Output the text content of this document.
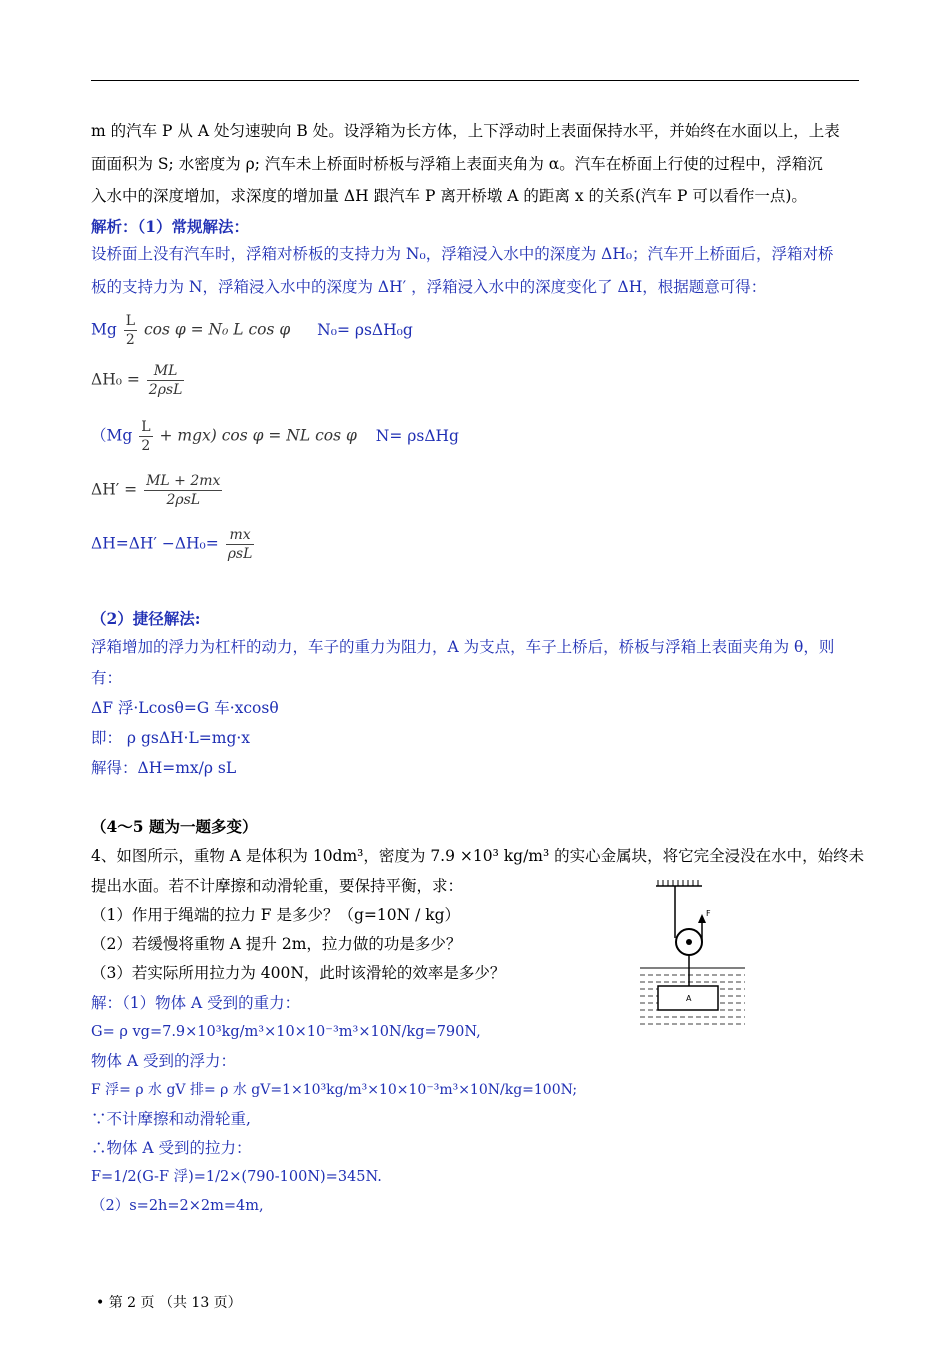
m 的汽车 P 从 A 处匀速驶向 B 处。设浮箱为长方体，上下浮动时上表面保持水平，并始终在水面以上，上表
面面积为 S; 水密度为 ρ; 汽车未上桥面时桥板与浮箱上表面夹角为 α。汽车在桥面上行使的过程中，浮箱沉
入水中的深度增加，求深度的增加量 ΔH 跟汽车 P 离开桥墩 A 的距离 x 的关系(汽车 P 可以看作一点)。
解析：（1）常规解法：
设桥面上没有汽车时，浮箱对桥板的支持力为 N₀，浮箱浸入水中的深度为 ΔH₀；汽车开上桥面后，浮箱对桥
板的支持力为 N，浮箱浸入水中的深度为 ΔH′ ，浮箱浸入水中的深度变化了 ΔH，根据题意可得：
Mg $\frac{L}{2}$ cos φ = N₀ L cos φ N₀= ρsΔH₀g
$\Delta H_0 = \frac{ML}{\text{2ρsL}}$
$(Mg \frac{L}{2} + mgx)$ cos φ = NL cos φ N= ρsΔHg
$\Delta H' = \frac{ML + 2mx}{\text{2ρsL}}$
$\Delta H=\Delta H' -\Delta H_0= \frac{mx}{\text{ρsL}}$
（2）捷径解法:
浮箱增加的浮力为杠杆的动力，车子的重力为阻力，A 为支点，车子上桥后，桥板与浮箱上表面夹角为 θ，则
有：
ΔF 浮·Lcosθ=G 车·xcosθ
即： ρ gsΔH·L=mg·x
解得：ΔH=mx/ρ sL
（4～5 题为一题多变）
4、如图所示，重物 A 是体积为 10dm³，密度为 7.9 ×10³ kg/m³ 的实心金属块，将它完全浸没在水中，始终未
提出水面。若不计摩擦和动滑轮重，要保持平衡，求：
（1）作用于绳端的拉力 F 是多少？（g=10N / kg）
（2）若缓慢将重物 A 提升 2m，拉力做的功是多少？
（3）若实际所用拉力为 400N，此时该滑轮的效率是多少？
F
A
解：（1）物体 A 受到的重力：
G= ρ vg=7.9×10³kg/m³×10×10⁻³m³×10N/kg=790N,
物体 A 受到的浮力：
F 浮= ρ 水 gV 排= ρ 水 gV=1×10³kg/m³×10×10⁻³m³×10N/kg=100N;
∵不计摩擦和动滑轮重,
∴物体 A 受到的拉力：
F=1/2(G-F 浮)=1/2×(790-100N)=345N.
（2）s=2h=2×2m=4m,
• 第 2 页 （共 13 页）
